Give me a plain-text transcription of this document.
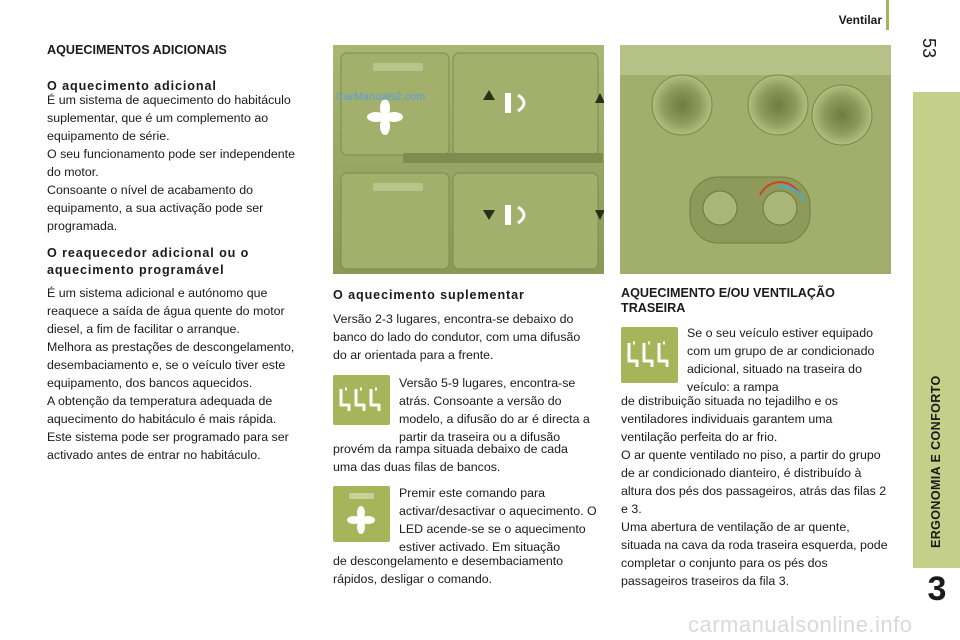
Ventilar
53
ERGONOMIA E CONFORTO
3
AQUECIMENTOS ADICIONAIS
O aquecimento adicional

É um sistema de aquecimento do habitáculo suplementar, que é um complemento ao equipamento de série.

O seu funcionamento pode ser independente do motor.

Consoante o nível de acabamento do equipamento, a sua activação pode ser programada.

O reaquecedor adicional ou o aquecimento programável

É um sistema adicional e autónomo que reaquece a saída de água quente do motor diesel, a fim de facilitar o arranque.

Melhora as prestações de descongelamento, desembaciamento e, se o veículo tiver este equipamento, dos bancos aquecidos.

A obtenção da temperatura adequada de aquecimento do habitáculo é mais rápida.

Este sistema pode ser programado para ser activado antes de entrar no habitáculo.

CarManuals2.com
O aquecimento suplementar

Versão 2-3 lugares, encontra-se debaixo do banco do lado do condutor, com uma difusão do ar orientada para a frente.

Versão 5-9 lugares, encontra-se atrás. Consoante a versão do modelo, a difusão do ar é directa a partir da traseira ou a difusão

provém da rampa situada debaixo de cada uma das duas filas de bancos.

Premir este comando para activar/desactivar o aquecimento. O LED acende-se se o aquecimento estiver activado. Em situação

de descongelamento e desembaciamento rápidos, desligar o comando.

AQUECIMENTO E/OU VENTILAÇÃO TRASEIRA

Se o seu veículo estiver equipado com um grupo de ar condicionado adicional, situado na traseira do veículo: a rampa

de distribuição situada no tejadilho e os ventiladores individuais garantem uma ventilação perfeita do ar frio.

O ar quente ventilado no piso, a partir do grupo de ar condicionado dianteiro, é distribuído à altura dos pés dos passageiros, atrás das filas 2 e 3.

Uma abertura de ventilação de ar quente, situada na cava da roda traseira esquerda, pode completar o conjunto para os pés dos passageiros traseiros da fila 3.

carmanualsonline.info
